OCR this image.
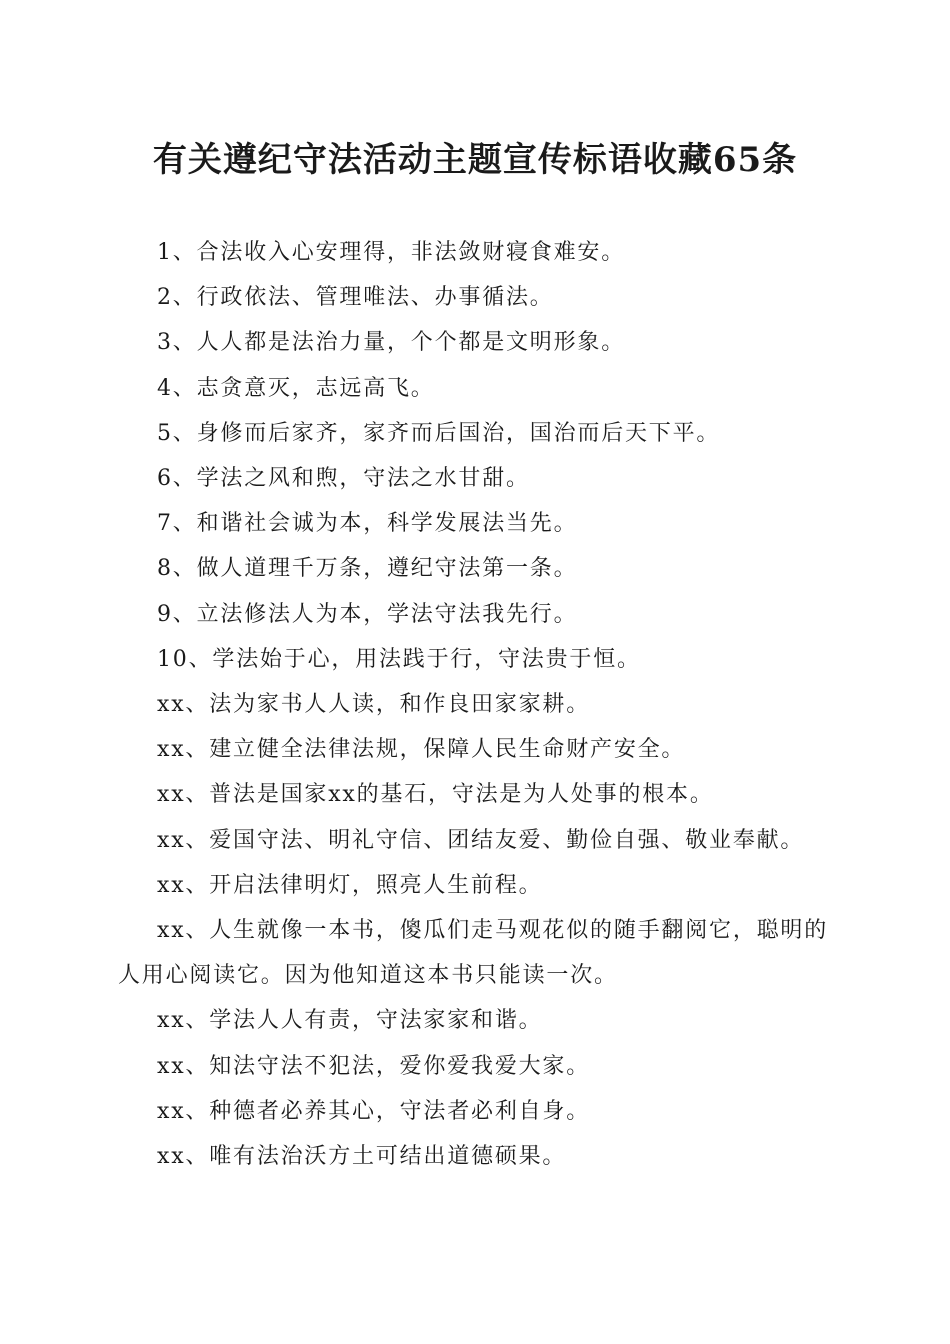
有关遵纪守法活动主题宣传标语收藏65条

1、合法收入心安理得，非法敛财寝食难安。

2、行政依法、管理唯法、办事循法。

3、人人都是法治力量，个个都是文明形象。

4、志贪意灭，志远高飞。

5、身修而后家齐，家齐而后国治，国治而后天下平。

6、学法之风和煦，守法之水甘甜。

7、和谐社会诚为本，科学发展法当先。

8、做人道理千万条，遵纪守法第一条。

9、立法修法人为本，学法守法我先行。

10、学法始于心，用法践于行，守法贵于恒。

xx、法为家书人人读，和作良田家家耕。

xx、建立健全法律法规，保障人民生命财产安全。

xx、普法是国家xx的基石，守法是为人处事的根本。

xx、爱国守法、明礼守信、团结友爱、勤俭自强、敬业奉献。

xx、开启法律明灯，照亮人生前程。

xx、人生就像一本书，傻瓜们走马观花似的随手翻阅它，聪明的人用心阅读它。因为他知道这本书只能读一次。

xx、学法人人有责，守法家家和谐。

xx、知法守法不犯法，爱你爱我爱大家。

xx、种德者必养其心，守法者必利自身。

xx、唯有法治沃方土可结出道德硕果。
